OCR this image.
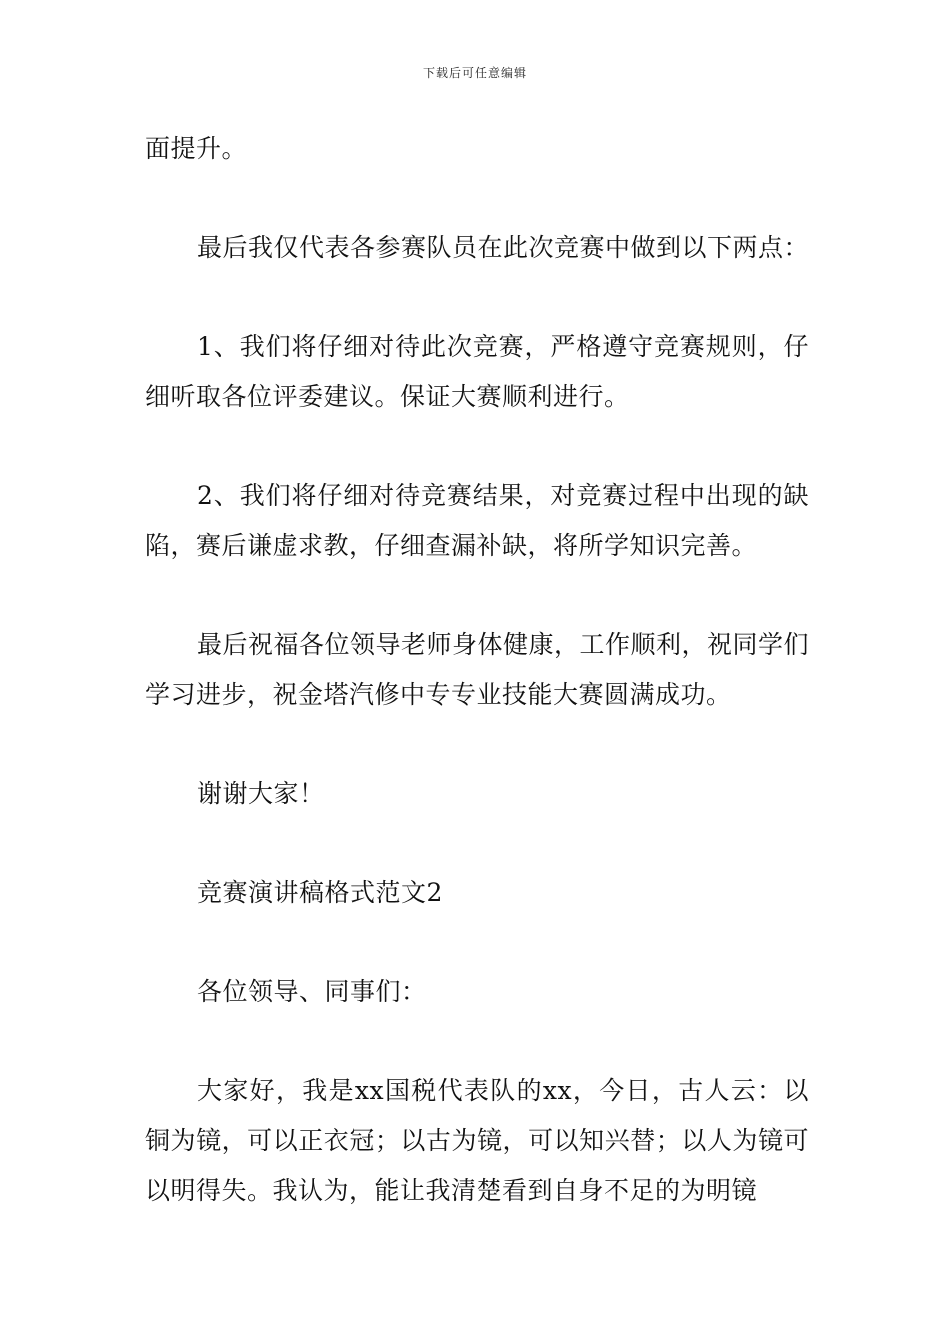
下载后可任意编辑

面提升。

最后我仅代表各参赛队员在此次竞赛中做到以下两点：

1、我们将仔细对待此次竞赛，严格遵守竞赛规则，仔细听取各位评委建议。保证大赛顺利进行。

2、我们将仔细对待竞赛结果，对竞赛过程中出现的缺陷，赛后谦虚求教，仔细查漏补缺，将所学知识完善。

最后祝福各位领导老师身体健康，工作顺利，祝同学们学习进步，祝金塔汽修中专专业技能大赛圆满成功。

谢谢大家！

竞赛演讲稿格式范文2

各位领导、同事们：

大家好，我是xx国税代表队的xx，今日，古人云：以铜为镜，可以正衣冠；以古为镜，可以知兴替；以人为镜可以明得失。我认为，能让我清楚看到自身不足的为明镜
